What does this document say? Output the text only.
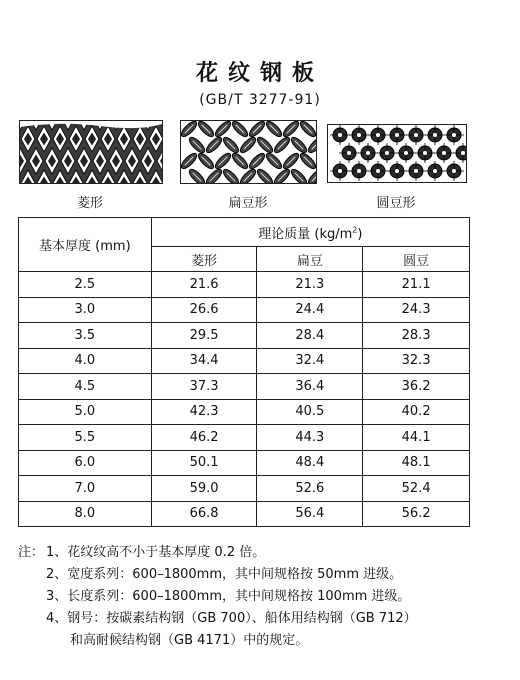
花纹钢板
(GB/T 3277-91)
菱形	扁豆形	圆豆形
基本厚度 (mm)	理论质量 $(kg/m^2)$		
	菱形	扁豆	圆豆
2.5	21.6	21.3	21.1
3.0	26.6	24.4	24.3
3.5	29.5	28.4	28.3
4.0	34.4	32.4	32.3
4.5	37.3	36.4	36.2
5.0	42.3	40.5	40.2
5.5	46.2	44.3	44.1
6.0	50.1	48.4	48.1
7.0	59.0	52.6	52.4
8.0	66.8	56.4	56.2
注： 1、花纹纹高不小于基本厚度 0.2 倍。
2、宽度系列：600–1800mm，其中间规格按 50mm 进级。
3、长度系列：600–1800mm，其中间规格按 100mm 进级。
4、钢号：按碳素结构钢（GB 700）、船体用结构钢（GB 712）
和高耐候结构钢（GB 4171）中的规定。
